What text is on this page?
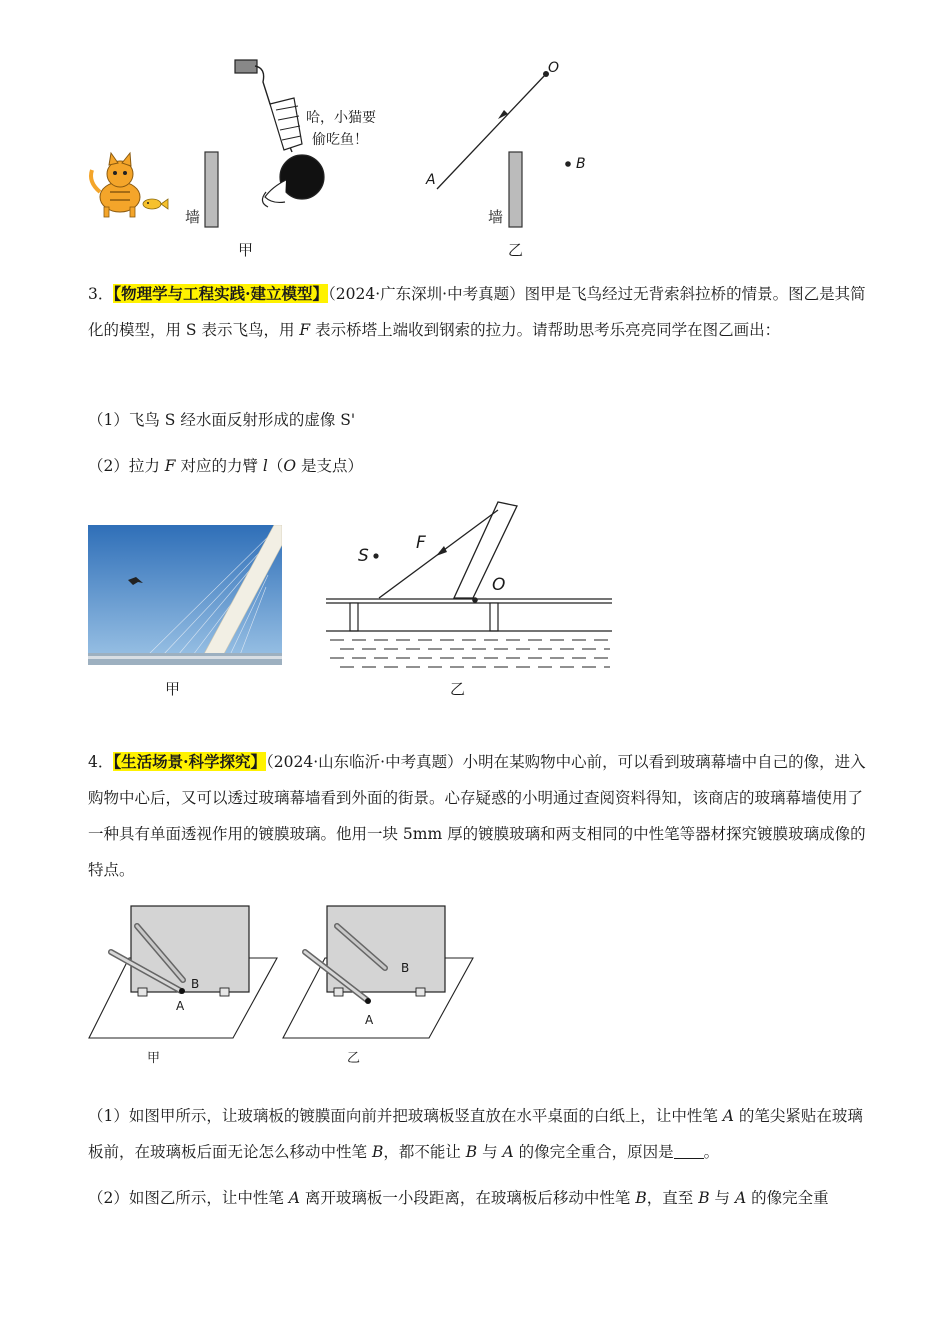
墙
哈，小猫要
偷吃鱼！
甲
O
A
B
墙
乙
3．【物理学与工程实践·建立模型】（2024·广东深圳·中考真题）图甲是飞鸟经过无背索斜拉桥的情景。图乙是其简化的模型，用 S 表示飞鸟，用 F 表示桥塔上端收到钢索的拉力。请帮助思考乐亮亮同学在图乙画出：
（1）飞鸟 S 经水面反射形成的虚像 S'
（2）拉力 F 对应的力臂 l（O 是支点）
甲
F
S
O
乙
4．【生活场景·科学探究】（2024·山东临沂·中考真题）小明在某购物中心前，可以看到玻璃幕墙中自己的像，进入购物中心后，又可以透过玻璃幕墙看到外面的街景。心存疑惑的小明通过查阅资料得知，该商店的玻璃幕墙使用了一种具有单面透视作用的镀膜玻璃。他用一块 5mm 厚的镀膜玻璃和两支相同的中性笔等器材探究镀膜玻璃成像的特点。
A
B
A
B
甲	乙
（1）如图甲所示，让玻璃板的镀膜面向前并把玻璃板竖直放在水平桌面的白纸上，让中性笔 A 的笔尖紧贴在玻璃板前，在玻璃板后面无论怎么移动中性笔 B，都不能让 B 与 A 的像完全重合，原因是 。
（2）如图乙所示，让中性笔 A 离开玻璃板一小段距离，在玻璃板后移动中性笔 B，直至 B 与 A 的像完全重
